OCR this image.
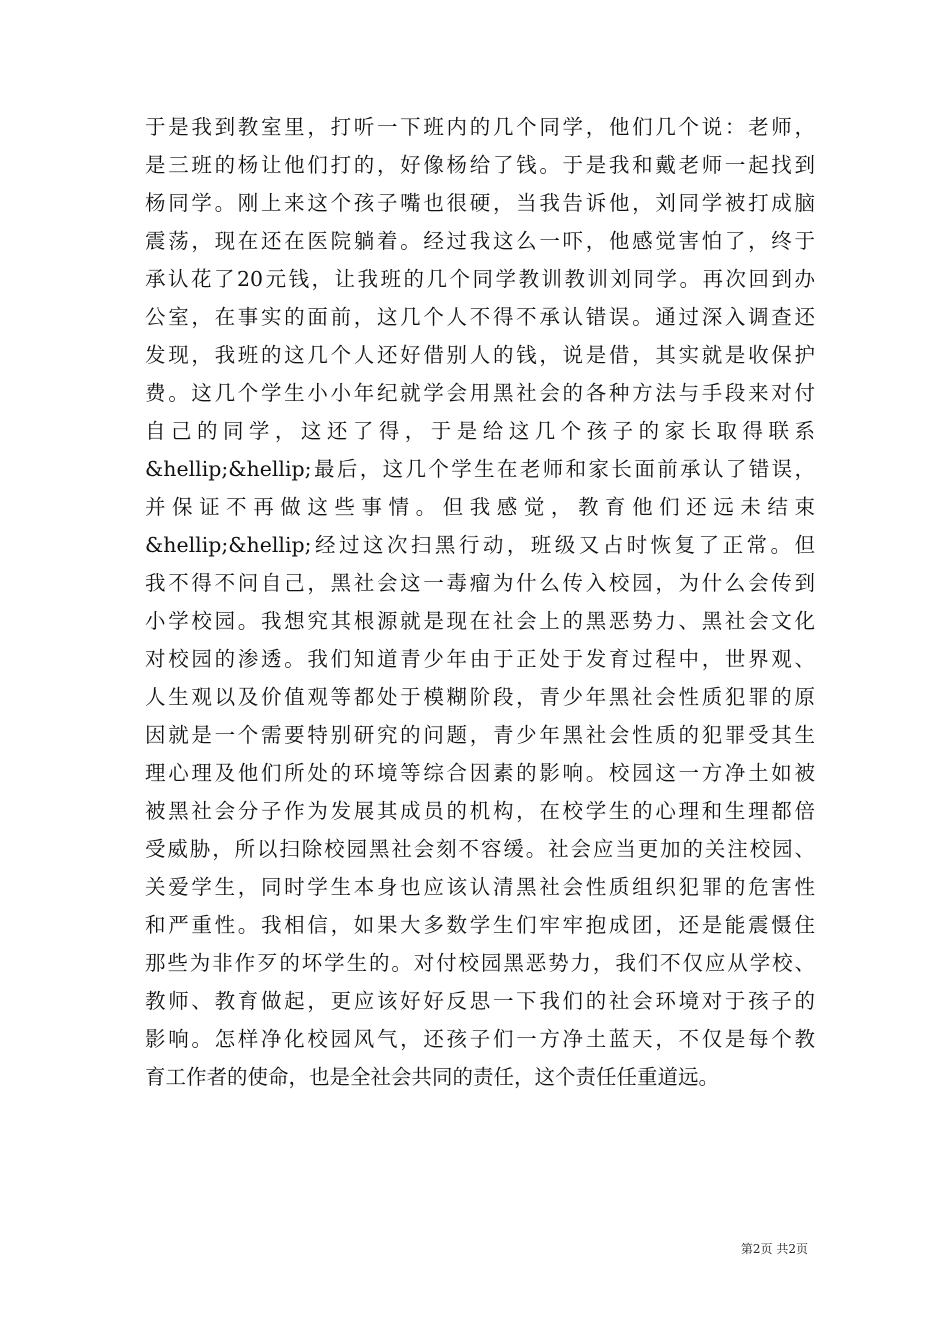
于是我到教室里，打听一下班内的几个同学，他们几个说：老师，
是三班的杨让他们打的，好像杨给了钱。于是我和戴老师一起找到
杨同学。刚上来这个孩子嘴也很硬，当我告诉他，刘同学被打成脑
震荡，现在还在医院躺着。经过我这么一吓，他感觉害怕了，终于
承认花了20元钱，让我班的几个同学教训教训刘同学。再次回到办
公室，在事实的面前，这几个人不得不承认错误。通过深入调查还
发现，我班的这几个人还好借别人的钱，说是借，其实就是收保护
费。这几个学生小小年纪就学会用黑社会的各种方法与手段来对付
自己的同学，这还了得，于是给这几个孩子的家长取得联系
&hellip;&hellip;最后，这几个学生在老师和家长面前承认了错误，
并保证不再做这些事情。但我感觉，教育他们还远未结束
&hellip;&hellip;经过这次扫黑行动，班级又占时恢复了正常。但
我不得不问自己，黑社会这一毒瘤为什么传入校园，为什么会传到
小学校园。我想究其根源就是现在社会上的黑恶势力、黑社会文化
对校园的渗透。我们知道青少年由于正处于发育过程中，世界观、
人生观以及价值观等都处于模糊阶段，青少年黑社会性质犯罪的原
因就是一个需要特别研究的问题，青少年黑社会性质的犯罪受其生
理心理及他们所处的环境等综合因素的影响。校园这一方净土如被
被黑社会分子作为发展其成员的机构，在校学生的心理和生理都倍
受威胁，所以扫除校园黑社会刻不容缓。社会应当更加的关注校园、
关爱学生，同时学生本身也应该认清黑社会性质组织犯罪的危害性
和严重性。我相信，如果大多数学生们牢牢抱成团，还是能震慑住
那些为非作歹的坏学生的。对付校园黑恶势力，我们不仅应从学校、
教师、教育做起，更应该好好反思一下我们的社会环境对于孩子的
影响。怎样净化校园风气，还孩子们一方净土蓝天，不仅是每个教
育工作者的使命，也是全社会共同的责任，这个责任任重道远。
第2页 共2页
